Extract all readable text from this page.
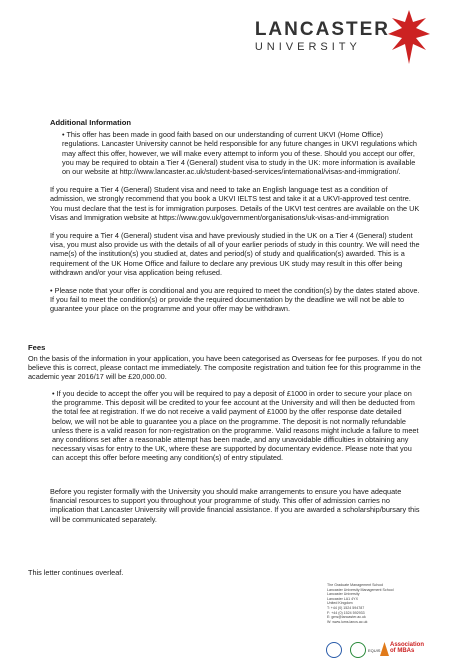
LANCASTER
UNIVERSITY
Additional Information
• This offer has been made in good faith based on our understanding of current UKVI (Home Office) regulations. Lancaster University cannot be held responsible for any future changes in UKVI regulations which may affect this offer, however, we will make every attempt to inform you of these. Should you accept our offer, you may be required to obtain a Tier 4 (General) student visa to study in the UK: more information is available on our website at http://www.lancaster.ac.uk/student-based-services/international/visas-and-immigration/.
If you require a Tier 4 (General) Student visa and need to take an English language test as a condition of admission, we strongly recommend that you book a UKVI IELTS test and take it at a UKVI-approved test centre. You must declare that the test is for immigration purposes. Details of the UKVI test centres are available on the UK Visas and Immigration website at https://www.gov.uk/government/organisations/uk-visas-and-immigration
If you require a Tier 4 (General) student visa and have previously studied in the UK on a Tier 4 (General) student visa, you must also provide us with the details of all of your earlier periods of study in this country. We will need the name(s) of the institution(s) you studied at, dates and period(s) of study and qualification(s) awarded. This is a requirement of the UK Home Office and failure to declare any previous UK study may result in this offer being withdrawn and/or your visa application being refused.
• Please note that your offer is conditional and you are required to meet the condition(s) by the dates stated above. If you fail to meet the condition(s) or provide the required documentation by the deadline we will not be able to guarantee your place on the programme and your offer may be withdrawn.
Fees
On the basis of the information in your application, you have been categorised as Overseas for fee purposes. If you do not believe this is correct, please contact me immediately. The composite registration and tuition fee for this programme in the academic year 2016/17 will be £20,000.00.
• If you decide to accept the offer you will be required to pay a deposit of £1000 in order to secure your place on the programme. This deposit will be credited to your fee account at the University and will then be deducted from the total fee at registration. If we do not receive a valid payment of £1000 by the offer response date detailed below, we will not be able to guarantee you a place on the programme. The deposit is not normally refundable unless there is a valid reason for non-registration on the programme. Valid reasons might include a failure to meet any conditions set after a reasonable attempt has been made, and any unavoidable difficulties in obtaining any necessary visas for entry to the UK, where these are supported by documentary evidence. Please note that you can accept this offer before meeting any condition(s) of entry stipulated.
Before you register formally with the University you should make arrangements to ensure you have adequate financial resources to support you throughout your programme of study. This offer of admission carries no implication that Lancaster University will provide financial assistance. If you are awarded a scholarship/bursary this will be communicated separately.
This letter continues overleaf.
The Graduate Management School
Lancaster University Management School
Lancaster University
Lancaster LA1 4YX
United Kingdom
T: +44 (0) 1524 594787
F: +44 (0) 1524 592933
E: gms@lancaster.ac.uk
W: www.lums.lancs.ac.uk
EQUIS
Association
of MBAs
